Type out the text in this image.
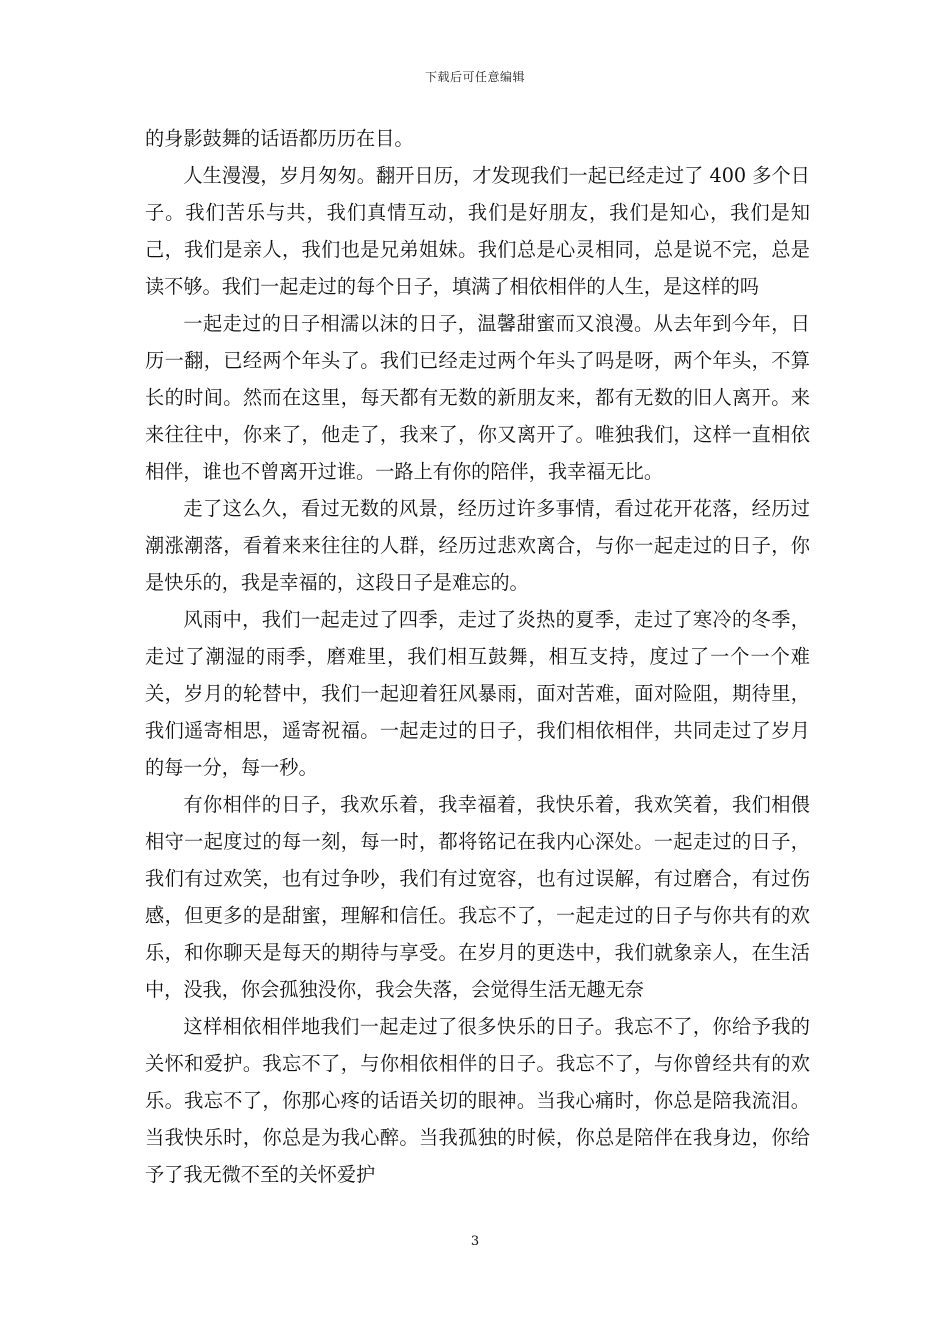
下载后可任意编辑

的身影鼓舞的话语都历历在目。

人生漫漫，岁月匆匆。翻开日历，才发现我们一起已经走过了 400 多个日子。我们苦乐与共，我们真情互动，我们是好朋友，我们是知心，我们是知己，我们是亲人，我们也是兄弟姐妹。我们总是心灵相同，总是说不完，总是读不够。我们一起走过的每个日子，填满了相依相伴的人生，是这样的吗

一起走过的日子相濡以沫的日子，温馨甜蜜而又浪漫。从去年到今年，日历一翻，已经两个年头了。我们已经走过两个年头了吗是呀，两个年头，不算长的时间。然而在这里，每天都有无数的新朋友来，都有无数的旧人离开。来来往往中，你来了，他走了，我来了，你又离开了。唯独我们，这样一直相依相伴，谁也不曾离开过谁。一路上有你的陪伴，我幸福无比。

走了这么久，看过无数的风景，经历过许多事情，看过花开花落，经历过潮涨潮落，看着来来往往的人群，经历过悲欢离合，与你一起走过的日子，你是快乐的，我是幸福的，这段日子是难忘的。

风雨中，我们一起走过了四季，走过了炎热的夏季，走过了寒冷的冬季，走过了潮湿的雨季，磨难里，我们相互鼓舞，相互支持，度过了一个一个难关，岁月的轮替中，我们一起迎着狂风暴雨，面对苦难，面对险阻，期待里，我们遥寄相思，遥寄祝福。一起走过的日子，我们相依相伴，共同走过了岁月的每一分，每一秒。

有你相伴的日子，我欢乐着，我幸福着，我快乐着，我欢笑着，我们相偎相守一起度过的每一刻，每一时，都将铭记在我内心深处。一起走过的日子，我们有过欢笑，也有过争吵，我们有过宽容，也有过误解，有过磨合，有过伤感，但更多的是甜蜜，理解和信任。我忘不了，一起走过的日子与你共有的欢乐，和你聊天是每天的期待与享受。在岁月的更迭中，我们就象亲人，在生活中，没我，你会孤独没你，我会失落，会觉得生活无趣无奈

这样相依相伴地我们一起走过了很多快乐的日子。我忘不了，你给予我的关怀和爱护。我忘不了，与你相依相伴的日子。我忘不了，与你曾经共有的欢乐。我忘不了，你那心疼的话语关切的眼神。当我心痛时，你总是陪我流泪。当我快乐时，你总是为我心醉。当我孤独的时候，你总是陪伴在我身边，你给予了我无微不至的关怀爱护

3
